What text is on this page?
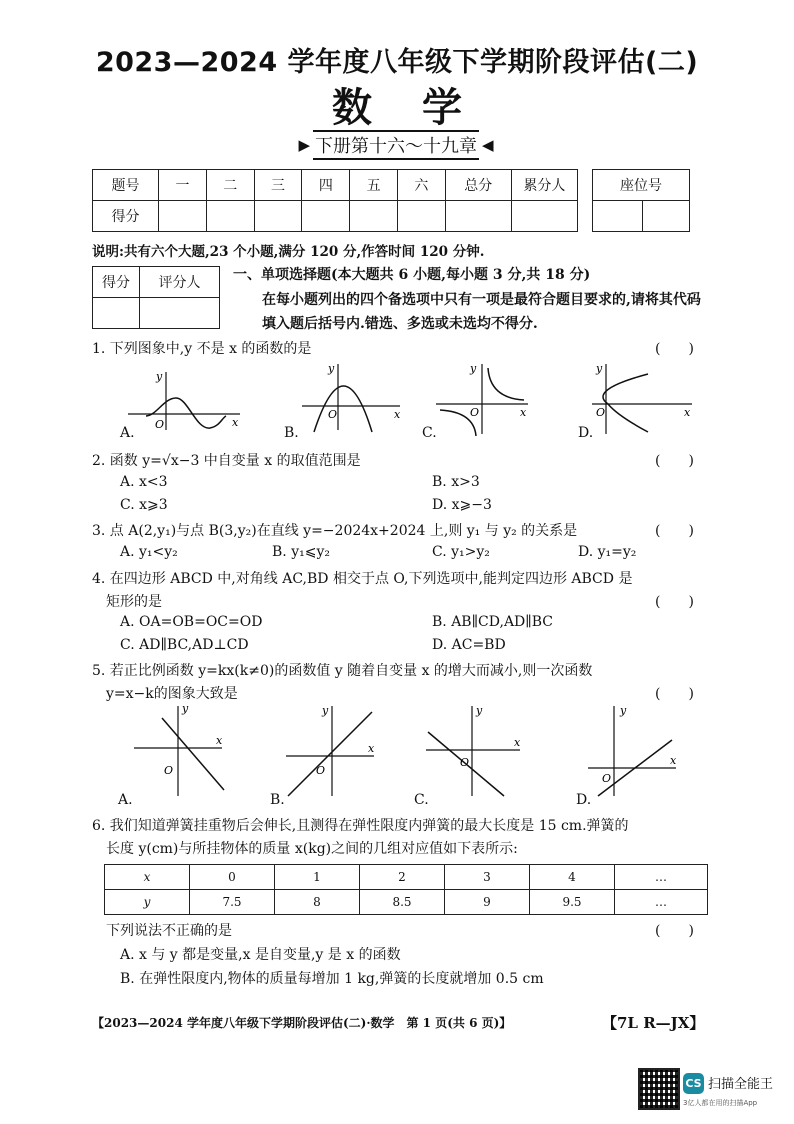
2023—2024 学年度八年级下学期阶段评估(二)
数学
▶ 下册第十六～十九章 ◀
题号	一	二	三	四	五	六	总分	累分人
得分								
座位号

说明:共有六个大题,23 个小题,满分 120 分,作答时间 120 分钟.
得分	评分人
	一、单项选择题(本大题共 6 小题,每小题 3 分,共 18 分)
在每小题列出的四个备选项中只有一项是最符合题目要求的,请将其代码填入题后括号内.错选、多选或未选均不得分.
1. 下列图象中,y 不是 x 的函数的是	(　　)
y
x
O
A.
y
x
O
B.
y
x
O
C.
y
x
O
D.
2. 函数 y=√x−3 中自变量 x 的取值范围是	(　　)
A. x<3	B. x>3
C. x⩾3	D. x⩾−3
3. 点 A(2,y₁)与点 B(3,y₂)在直线 y=−2024x+2024 上,则 y₁ 与 y₂ 的关系是	(　　)
A. y₁<y₂	B. y₁⩽y₂	C. y₁>y₂	D. y₁=y₂
4. 在四边形 ABCD 中,对角线 AC,BD 相交于点 O,下列选项中,能判定四边形 ABCD 是
矩形的是	(　　)
A. OA=OB=OC=OD	B. AB∥CD,AD∥BC
C. AD∥BC,AD⊥CD	D. AC=BD
5. 若正比例函数 y=kx(k≠0)的函数值 y 随着自变量 x 的增大而减小,则一次函数
y=x−k的图象大致是	(　　)
y
x
O
A.
y
x
O
B.
y
x
O
C.
y
x
O
D.
6. 我们知道弹簧挂重物后会伸长,且测得在弹性限度内弹簧的最大长度是 15 cm.弹簧的
长度 y(cm)与所挂物体的质量 x(kg)之间的几组对应值如下表所示:
x	0	1	2	3	4	…
y	7.5	8	8.5	9	9.5	…
下列说法不正确的是	(　　)
A. x 与 y 都是变量,x 是自变量,y 是 x 的函数
B. 在弹性限度内,物体的质量每增加 1 kg,弹簧的长度就增加 0.5 cm
【2023—2024 学年度八年级下学期阶段评估(二)·数学　第 1 页(共 6 页)】	【7L R—JX】
CS 扫描全能王
3亿人都在用的扫描App
